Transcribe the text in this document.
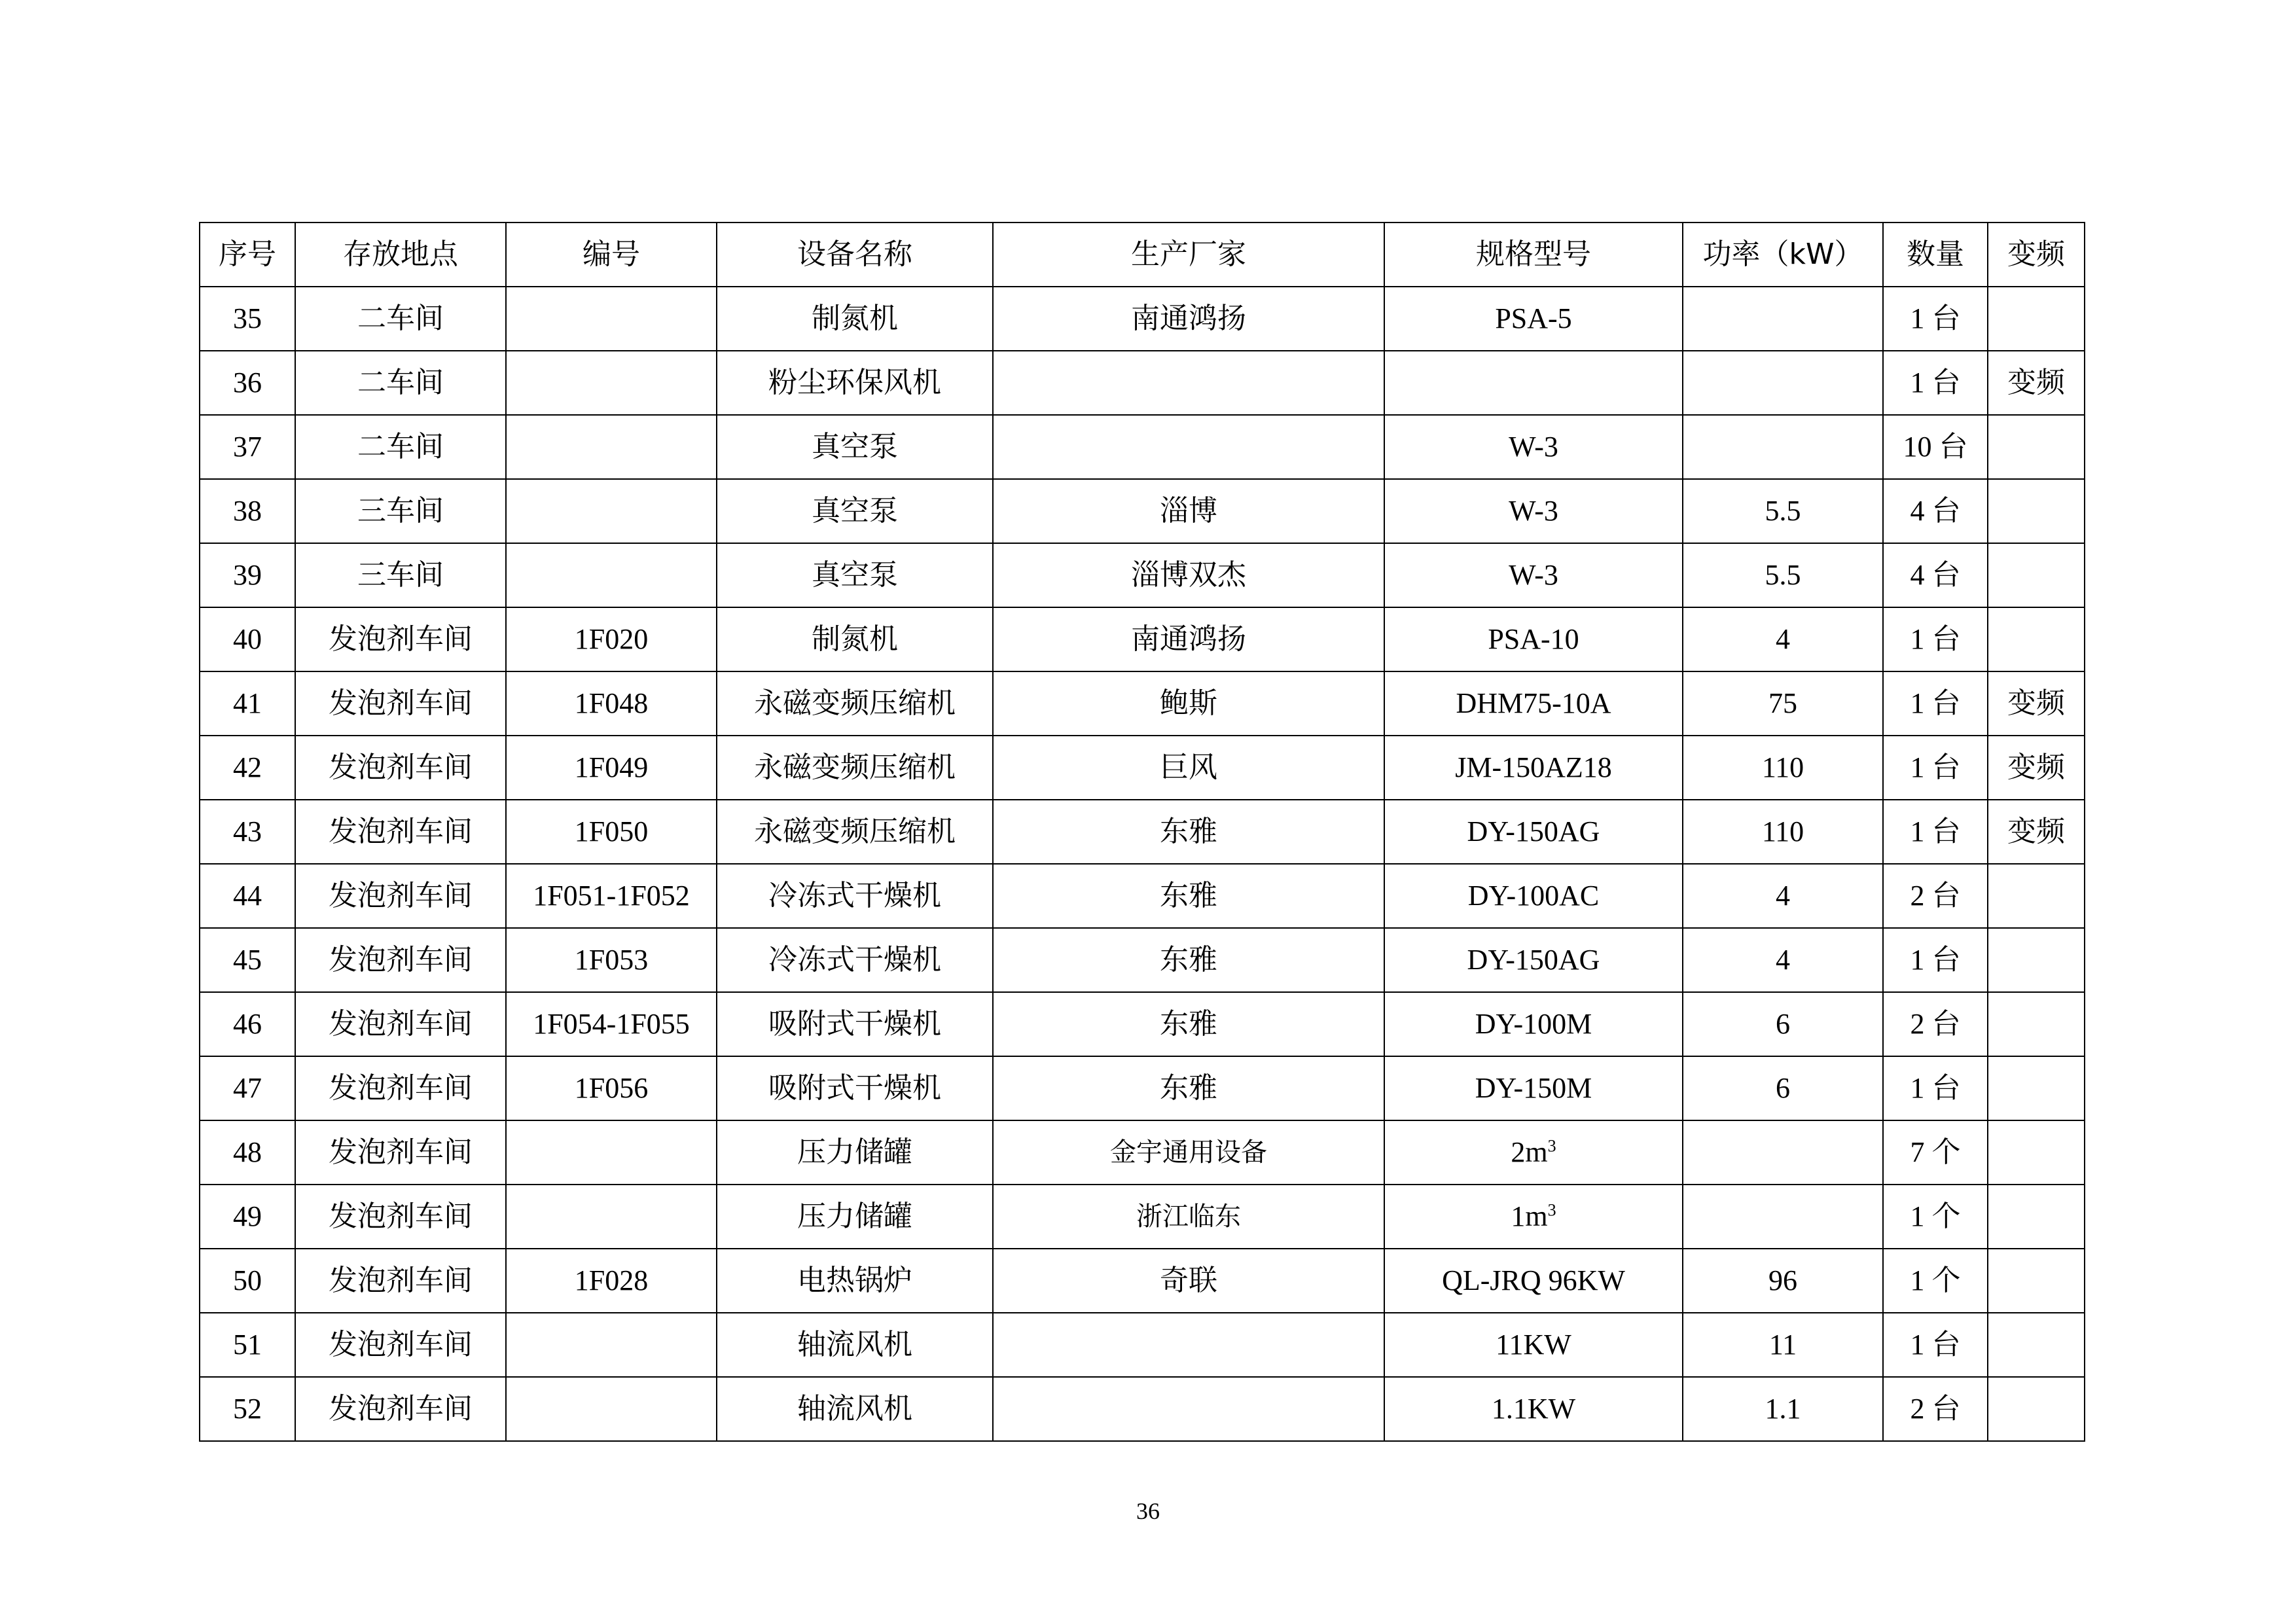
序号	存放地点	编号	设备名称	生产厂家	规格型号	功率（kW）	数量	变频
35	二车间		制氮机	南通鸿扬	PSA-5		1 台	
36	二车间		粉尘环保风机				1 台	变频
37	二车间		真空泵		W-3		10 台	
38	三车间		真空泵	淄博	W-3	5.5	4 台	
39	三车间		真空泵	淄博双杰	W-3	5.5	4 台	
40	发泡剂车间	1F020	制氮机	南通鸿扬	PSA-10	4	1 台	
41	发泡剂车间	1F048	永磁变频压缩机	鲍斯	DHM75-10A	75	1 台	变频
42	发泡剂车间	1F049	永磁变频压缩机	巨风	JM-150AZ18	110	1 台	变频
43	发泡剂车间	1F050	永磁变频压缩机	东雅	DY-150AG	110	1 台	变频
44	发泡剂车间	1F051-1F052	冷冻式干燥机	东雅	DY-100AC	4	2 台	
45	发泡剂车间	1F053	冷冻式干燥机	东雅	DY-150AG	4	1 台	
46	发泡剂车间	1F054-1F055	吸附式干燥机	东雅	DY-100M	6	2 台	
47	发泡剂车间	1F056	吸附式干燥机	东雅	DY-150M	6	1 台	
48	发泡剂车间		压力储罐	金宇通用设备	$2m^3$		7 个	
49	发泡剂车间		压力储罐	浙江临东	$1m^3$		1 个	
50	发泡剂车间	1F028	电热锅炉	奇联	QL-JRQ 96KW	96	1 个	
51	发泡剂车间		轴流风机		11KW	11	1 台	
52	发泡剂车间		轴流风机		1.1KW	1.1	2 台	
36
